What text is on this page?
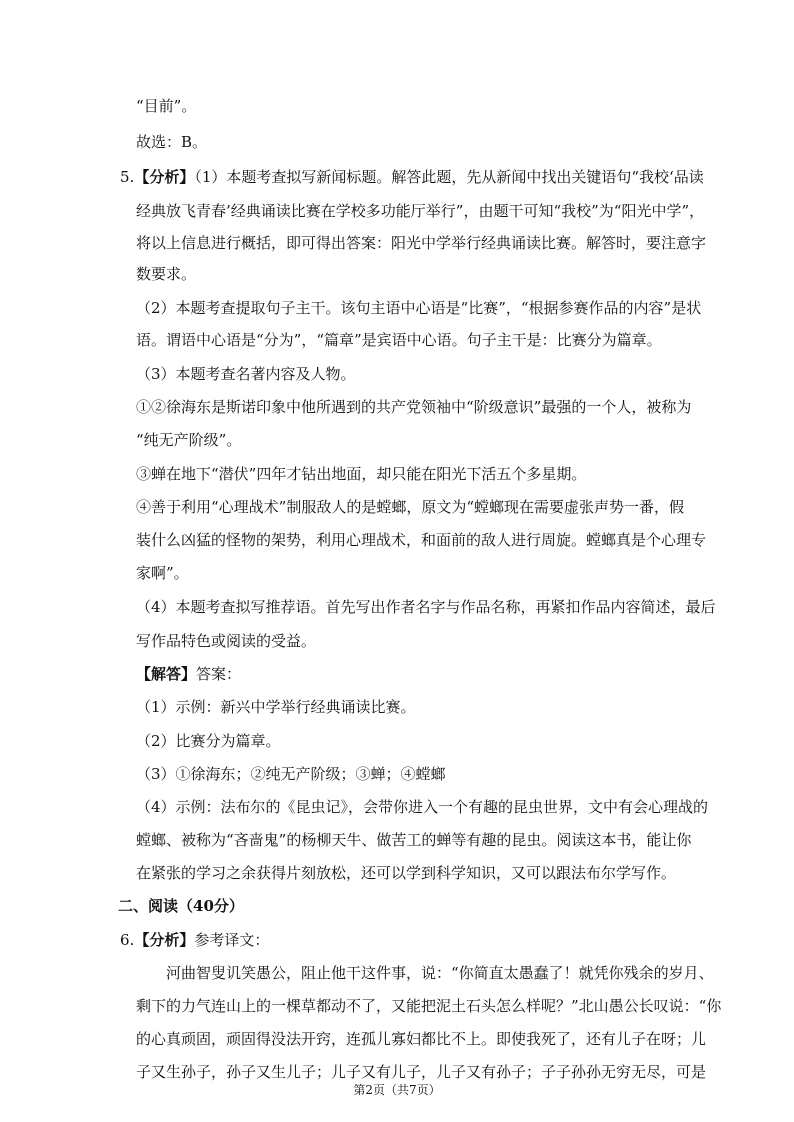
“目前”。

故选：B。

5.【分析】（1）本题考查拟写新闻标题。解答此题，先从新闻中找出关键语句“我校‘品读

经典放飞青春’经典诵读比赛在学校多功能厅举行”，由题干可知“我校”为“阳光中学”，

将以上信息进行概括，即可得出答案：阳光中学举行经典诵读比赛。解答时，要注意字

数要求。

（2）本题考查提取句子主干。该句主语中心语是“比赛”，“根据参赛作品的内容”是状

语。谓语中心语是“分为”，“篇章”是宾语中心语。句子主干是：比赛分为篇章。

（3）本题考查名著内容及人物。

①②徐海东是斯诺印象中他所遇到的共产党领袖中“阶级意识”最强的一个人，被称为

“纯无产阶级”。

③蝉在地下“潜伏”四年才钻出地面，却只能在阳光下活五个多星期。

④善于利用“心理战术”制服敌人的是螳螂，原文为“螳螂现在需要虚张声势一番，假

装什么凶猛的怪物的架势，利用心理战术，和面前的敌人进行周旋。螳螂真是个心理专

家啊”。

（4）本题考查拟写推荐语。首先写出作者名字与作品名称，再紧扣作品内容简述，最后

写作品特色或阅读的受益。

【解答】答案：

（1）示例：新兴中学举行经典诵读比赛。

（2）比赛分为篇章。

（3）①徐海东；②纯无产阶级；③蝉；④螳螂

（4）示例：法布尔的《昆虫记》，会带你进入一个有趣的昆虫世界，文中有会心理战的

螳螂、被称为“吝啬鬼”的杨柳天牛、做苦工的蝉等有趣的昆虫。阅读这本书，能让你

在紧张的学习之余获得片刻放松，还可以学到科学知识，又可以跟法布尔学写作。

二、阅读（40分）

6.【分析】参考译文：

河曲智叟讥笑愚公，阻止他干这件事，说：“你简直太愚蠢了！就凭你残余的岁月、

剩下的力气连山上的一棵草都动不了，又能把泥土石头怎么样呢？”北山愚公长叹说：“你

的心真顽固，顽固得没法开窍，连孤儿寡妇都比不上。即使我死了，还有儿子在呀；儿

子又生孙子，孙子又生儿子；儿子又有儿子，儿子又有孙子；子子孙孙无穷无尽，可是

第2页（共7页）
